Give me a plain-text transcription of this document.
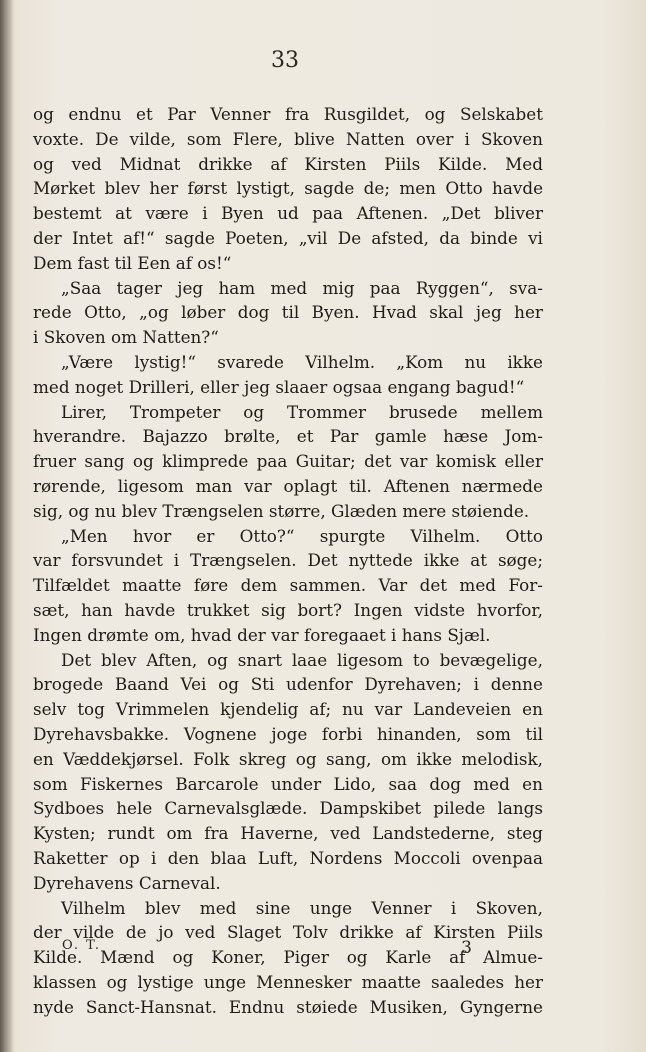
33
og endnu et Par Venner fra Rusgildet, og Selskabet
voxte. De vilde, som Flere, blive Natten over i Skoven
og ved Midnat drikke af Kirsten Piils Kilde. Med
Mørket blev her først lystigt, sagde de; men Otto havde
bestemt at være i Byen ud paa Aftenen. „Det bliver
der Intet af!“ sagde Poeten, „vil De afsted, da binde vi
Dem fast til Een af os!“
„Saa tager jeg ham med mig paa Ryggen“, sva-
rede Otto, „og løber dog til Byen. Hvad skal jeg her
i Skoven om Natten?“
„Være lystig!“ svarede Vilhelm. „Kom nu ikke
med noget Drilleri, eller jeg slaaer ogsaa engang bagud!“
Lirer, Trompeter og Trommer brusede mellem
hverandre. Bajazzo brølte, et Par gamle hæse Jom-
fruer sang og klimprede paa Guitar; det var komisk eller
rørende, ligesom man var oplagt til. Aftenen nærmede
sig, og nu blev Trængselen større, Glæden mere støiende.
„Men hvor er Otto?“ spurgte Vilhelm. Otto
var forsvundet i Trængselen. Det nyttede ikke at søge;
Tilfældet maatte føre dem sammen. Var det med For-
sæt, han havde trukket sig bort? Ingen vidste hvorfor,
Ingen drømte om, hvad der var foregaaet i hans Sjæl.
Det blev Aften, og snart laae ligesom to bevægelige,
brogede Baand Vei og Sti udenfor Dyrehaven; i denne
selv tog Vrimmelen kjendelig af; nu var Landeveien en
Dyrehavsbakke. Vognene joge forbi hinanden, som til
en Væddekjørsel. Folk skreg og sang, om ikke melodisk,
som Fiskernes Barcarole under Lido, saa dog med en
Sydboes hele Carnevalsglæde. Dampskibet pilede langs
Kysten; rundt om fra Haverne, ved Landstederne, steg
Raketter op i den blaa Luft, Nordens Moccoli ovenpaa
Dyrehavens Carneval.
Vilhelm blev med sine unge Venner i Skoven,
der vilde de jo ved Slaget Tolv drikke af Kirsten Piils
Kilde. Mænd og Koner, Piger og Karle af Almue-
klassen og lystige unge Mennesker maatte saaledes her
nyde Sanct-Hansnat. Endnu støiede Musiken, Gyngerne
O. T.	3
